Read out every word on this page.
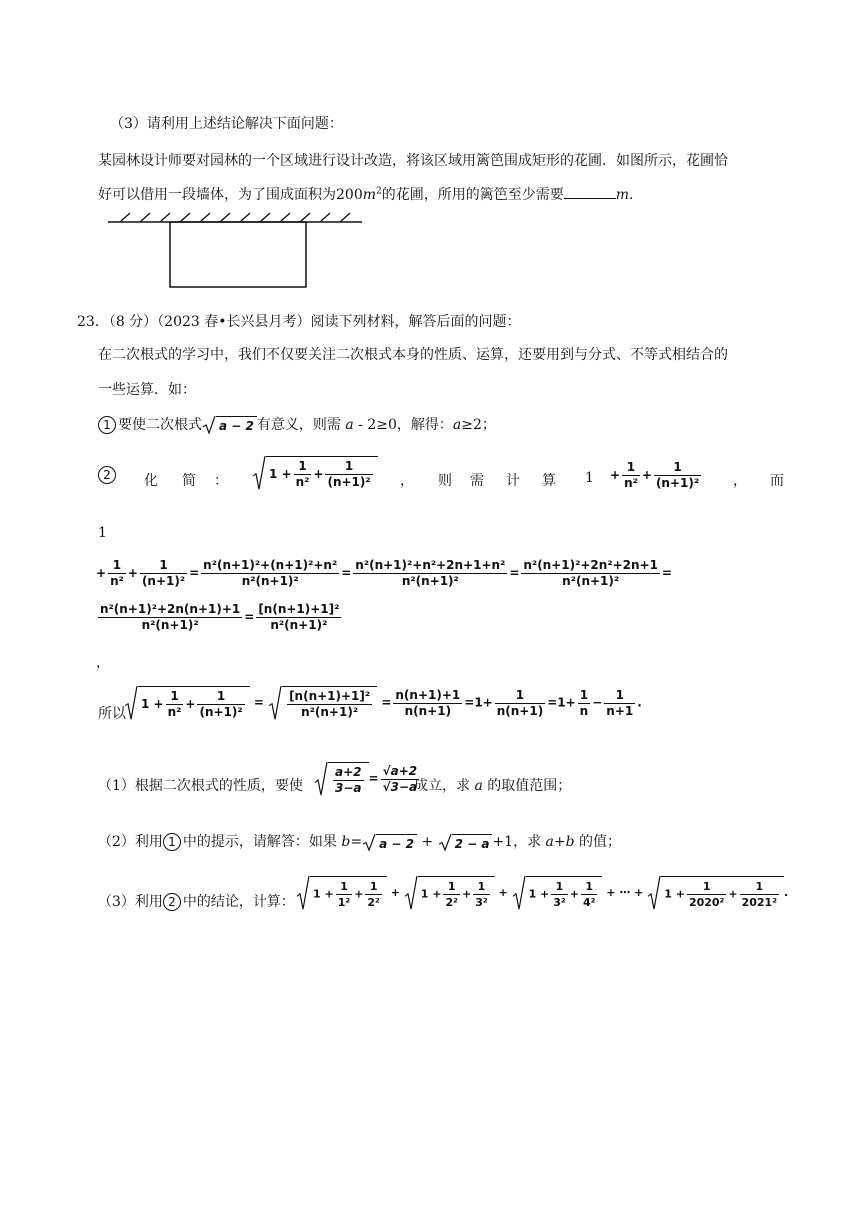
（3）请利用上述结论解决下面问题：
某园林设计师要对园林的一个区域进行设计改造，将该区域用篱笆围成矩形的花圃．如图所示，花圃恰
好可以借用一段墙体，为了围成面积为$200m^2$的花圃，所用的篱笆至少需要	m．
23．（8 分）（2023 春•长兴县月考）阅读下列材料，解答后面的问题：
在二次根式的学习中，我们不仅要关注二次根式本身的性质、运算，还要用到与分式、不等式相结合的
一些运算．如：
1 要使二次根式 a − 2 有意义，则需 a - 2≥0，解得：a≥2；
2	化 简 ：	$1 + \frac{1}{\text{n²}} + \frac{1}{\text{(n+1)²}}$ ， 则 需 计 算 $1 + \frac{1}{\text{n²}} + \frac{1}{\text{(n+1)²}}$ ， 而
1
+ $\frac{1}{\text{n²}} + \frac{1}{\text{(n+1)²}} = \frac{\text{n²(n+1)²+(n+1)²+n²}}{\text{n²(n+1)²}} = \frac{\text{n²(n+1)²+n²+2n+1+n²}}{\text{n²(n+1)²}} = \frac{\text{n²(n+1)²+2n²+2n+1}}{\text{n²(n+1)²}}$ =
$\frac{\text{n²(n+1)²+2n(n+1)+1}}{\text{n²(n+1)²}} = \frac{\text{[n(n+1)+1]²}}{\text{n²(n+1)²}}$
，
所以
$1 + \frac{1}{\text{n²}} + \frac{1}{\text{(n+1)²}} = \frac{\text{[n(n+1)+1]²}}{\text{n²(n+1)²}} = \frac{n(n+1)+1}{n(n+1)} =1+ \frac{1}{n(n+1)} =1+ \frac{1}{n} - \frac{1}{n+1}$ .
（1）根据二次根式的性质，要使	$\frac{a+2}{3-a} = \frac{√a+2}{√3-a}$
成立，求 a 的取值范围；
（2）利用 1 中的提示，请解答：如果 b= a − 2 +
2 − a +1，求 a+b 的值；
（3）利用 2 中的结论，计算：	$1 + \frac{1}{\text{1²}} + \frac{1}{\text{2²}}$ +
$1 + \frac{1}{\text{2²}} + \frac{1}{\text{3²}}$ +
$1 + \frac{1}{\text{3²}} + \frac{1}{\text{4²}}$ + ⋯ + $1 + \frac{1}{\text{2020²}} + \frac{1}{\text{2021²}}$ .
